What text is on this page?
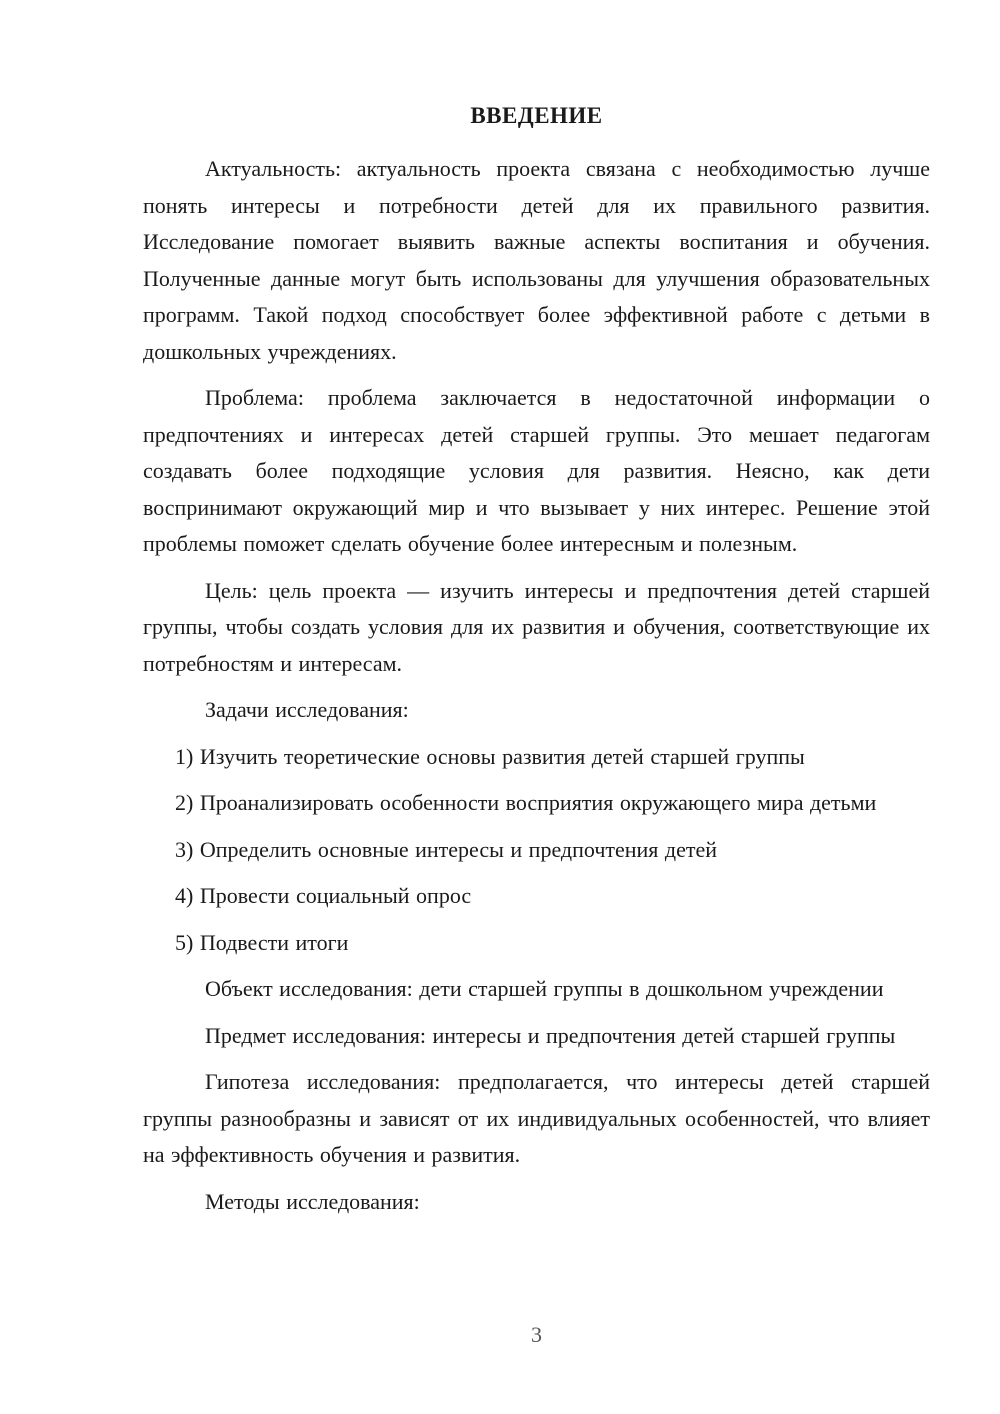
ВВЕДЕНИЕ

Актуальность: актуальность проекта связана с необходимостью лучше понять интересы и потребности детей для их правильного развития. Исследование помогает выявить важные аспекты воспитания и обучения. Полученные данные могут быть использованы для улучшения образовательных программ. Такой подход способствует более эффективной работе с детьми в дошкольных учреждениях.

Проблема: проблема заключается в недостаточной информации о предпочтениях и интересах детей старшей группы. Это мешает педагогам создавать более подходящие условия для развития. Неясно, как дети воспринимают окружающий мир и что вызывает у них интерес. Решение этой проблемы поможет сделать обучение более интересным и полезным.

Цель: цель проекта — изучить интересы и предпочтения детей старшей группы, чтобы создать условия для их развития и обучения, соответствующие их потребностям и интересам.

Задачи исследования:

1) Изучить теоретические основы развития детей старшей группы

2) Проанализировать особенности восприятия окружающего мира детьми

3) Определить основные интересы и предпочтения детей

4) Провести социальный опрос

5) Подвести итоги

Объект исследования: дети старшей группы в дошкольном учреждении

Предмет исследования: интересы и предпочтения детей старшей группы

Гипотеза исследования: предполагается, что интересы детей старшей группы разнообразны и зависят от их индивидуальных особенностей, что влияет на эффективность обучения и развития.

Методы исследования:

3
